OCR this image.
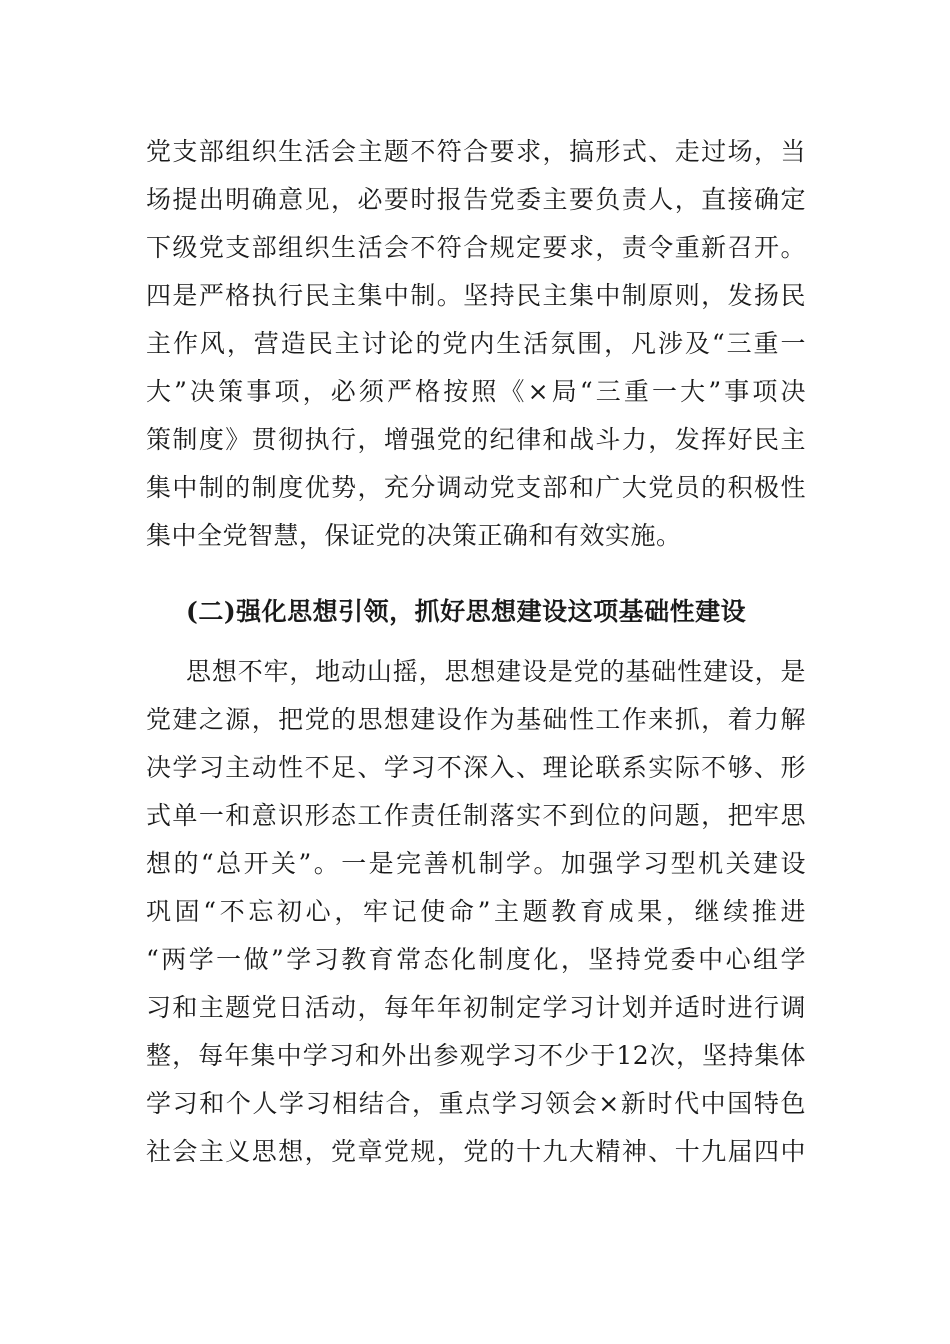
党支部组织生活会主题不符合要求，搞形式、走过场，当
场提出明确意见，必要时报告党委主要负责人，直接确定
下级党支部组织生活会不符合规定要求，责令重新召开。
四是严格执行民主集中制。坚持民主集中制原则，发扬民
主作风，营造民主讨论的党内生活氛围，凡涉及“三重一
大”决策事项，必须严格按照《×局“三重一大”事项决
策制度》贯彻执行，增强党的纪律和战斗力，发挥好民主
集中制的制度优势，充分调动党支部和广大党员的积极性
集中全党智慧，保证党的决策正确和有效实施。
(二)强化思想引领，抓好思想建设这项基础性建设
思想不牢，地动山摇，思想建设是党的基础性建设，是
党建之源，把党的思想建设作为基础性工作来抓，着力解
决学习主动性不足、学习不深入、理论联系实际不够、形
式单一和意识形态工作责任制落实不到位的问题，把牢思
想的“总开关”。一是完善机制学。加强学习型机关建设
巩固“不忘初心，牢记使命”主题教育成果，继续推进
“两学一做”学习教育常态化制度化，坚持党委中心组学
习和主题党日活动，每年年初制定学习计划并适时进行调
整，每年集中学习和外出参观学习不少于12次，坚持集体
学习和个人学习相结合，重点学习领会×新时代中国特色
社会主义思想，党章党规，党的十九大精神、十九届四中
